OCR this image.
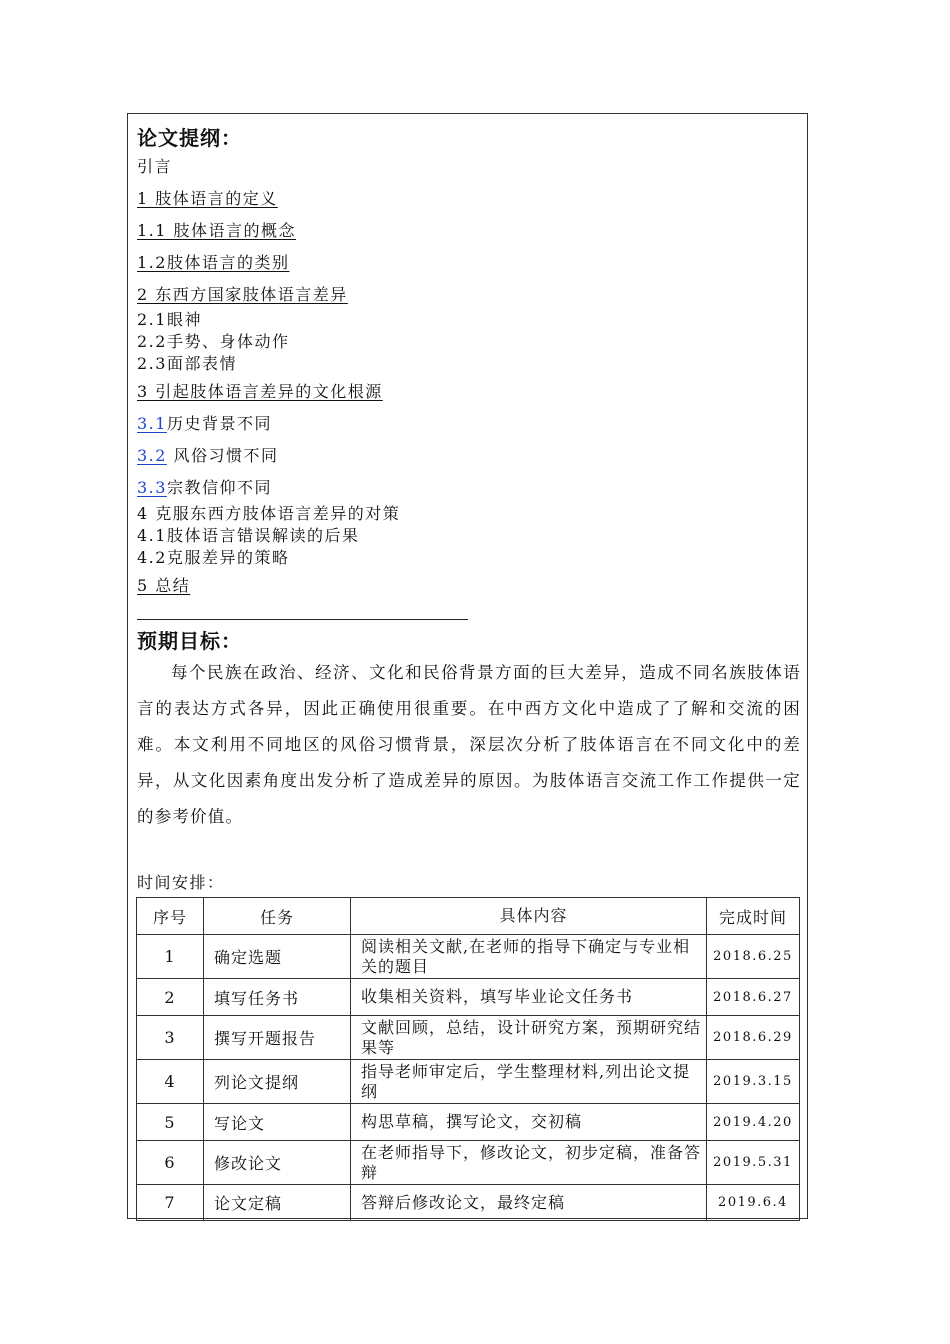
论文提纲：
引言
1 肢体语言的定义
1.1 肢体语言的概念
1.2肢体语言的类别
2 东西方国家肢体语言差异
2.1眼神
2.2手势、身体动作
2.3面部表情
3 引起肢体语言差异的文化根源
3.1历史背景不同
3.2 风俗习惯不同
3.3宗教信仰不同
4 克服东西方肢体语言差异的对策
4.1肢体语言错误解读的后果
4.2克服差异的策略
5 总结
预期目标：
每个民族在政治、经济、文化和民俗背景方面的巨大差异，造成不同名族肢体语言的表达方式各异，因此正确使用很重要。在中西方文化中造成了了解和交流的困难。本文利用不同地区的风俗习惯背景，深层次分析了肢体语言在不同文化中的差异，从文化因素角度出发分析了造成差异的原因。为肢体语言交流工作工作提供一定的参考价值。
时间安排：
序号	任务	具体内容	完成时间
1	确定选题	阅读相关文献,在老师的指导下确定与专业相关的题目	2018.6.25
2	填写任务书	收集相关资料，填写毕业论文任务书	2018.6.27
3	撰写开题报告	文献回顾，总结，设计研究方案，预期研究结果等	2018.6.29
4	列论文提纲	指导老师审定后，学生整理材料,列出论文提纲	2019.3.15
5	写论文	构思草稿，撰写论文，交初稿	2019.4.20
6	修改论文	在老师指导下，修改论文，初步定稿，准备答辩	2019.5.31
7	论文定稿	答辩后修改论文，最终定稿	2019.6.4
